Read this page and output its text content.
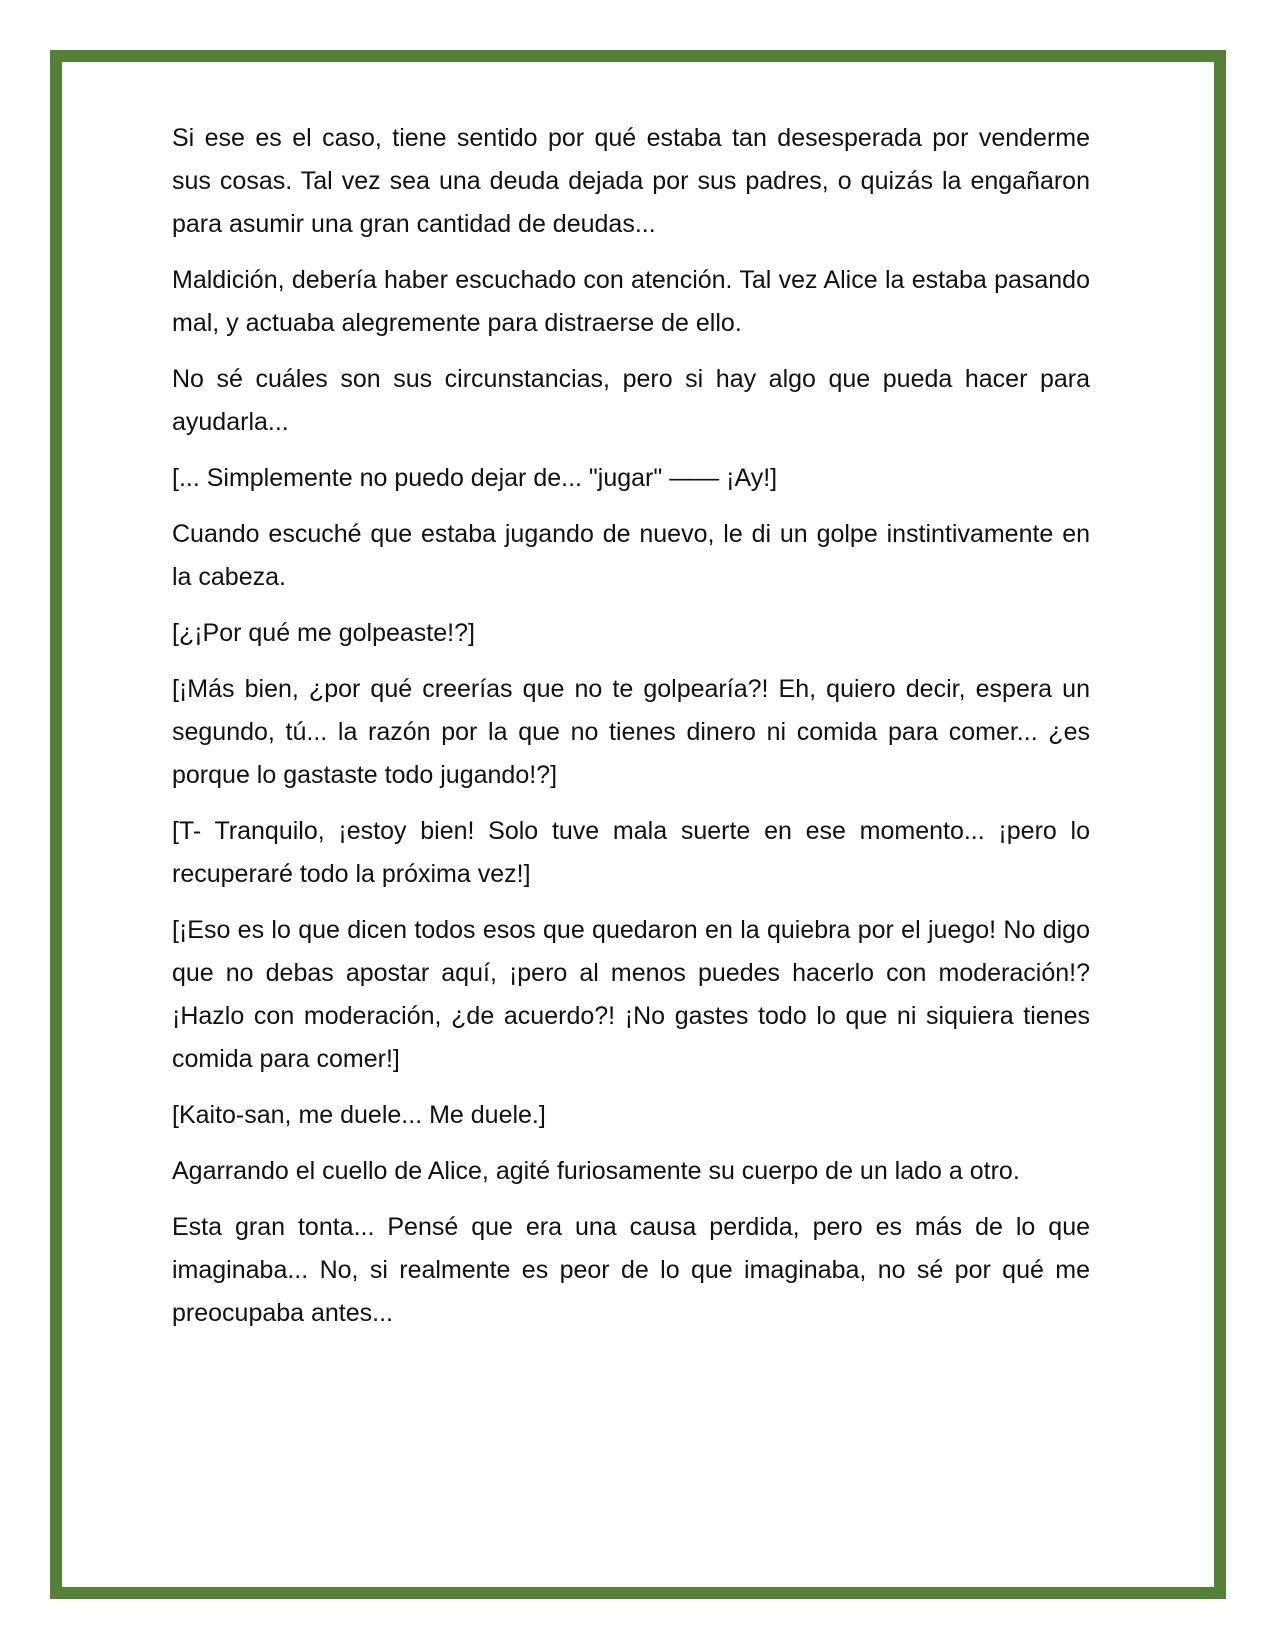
Si ese es el caso, tiene sentido por qué estaba tan desesperada por venderme sus cosas. Tal vez sea una deuda dejada por sus padres, o quizás la engañaron para asumir una gran cantidad de deudas...

Maldición, debería haber escuchado con atención. Tal vez Alice la estaba pasando mal, y actuaba alegremente para distraerse de ello.

No sé cuáles son sus circunstancias, pero si hay algo que pueda hacer para ayudarla...

[... Simplemente no puedo dejar de... "jugar" —— ¡Ay!]

Cuando escuché que estaba jugando de nuevo, le di un golpe instintivamente en la cabeza.

[¿¡Por qué me golpeaste!?]

[¡Más bien, ¿por qué creerías que no te golpearía?! Eh, quiero decir, espera un segundo, tú... la razón por la que no tienes dinero ni comida para comer... ¿es porque lo gastaste todo jugando!?]

[T- Tranquilo, ¡estoy bien! Solo tuve mala suerte en ese momento... ¡pero lo recuperaré todo la próxima vez!]

[¡Eso es lo que dicen todos esos que quedaron en la quiebra por el juego! No digo que no debas apostar aquí, ¡pero al menos puedes hacerlo con moderación!? ¡Hazlo con moderación, ¿de acuerdo?! ¡No gastes todo lo que ni siquiera tienes comida para comer!]

[Kaito-san, me duele... Me duele.]

Agarrando el cuello de Alice, agité furiosamente su cuerpo de un lado a otro.

Esta gran tonta... Pensé que era una causa perdida, pero es más de lo que imaginaba... No, si realmente es peor de lo que imaginaba, no sé por qué me preocupaba antes...
